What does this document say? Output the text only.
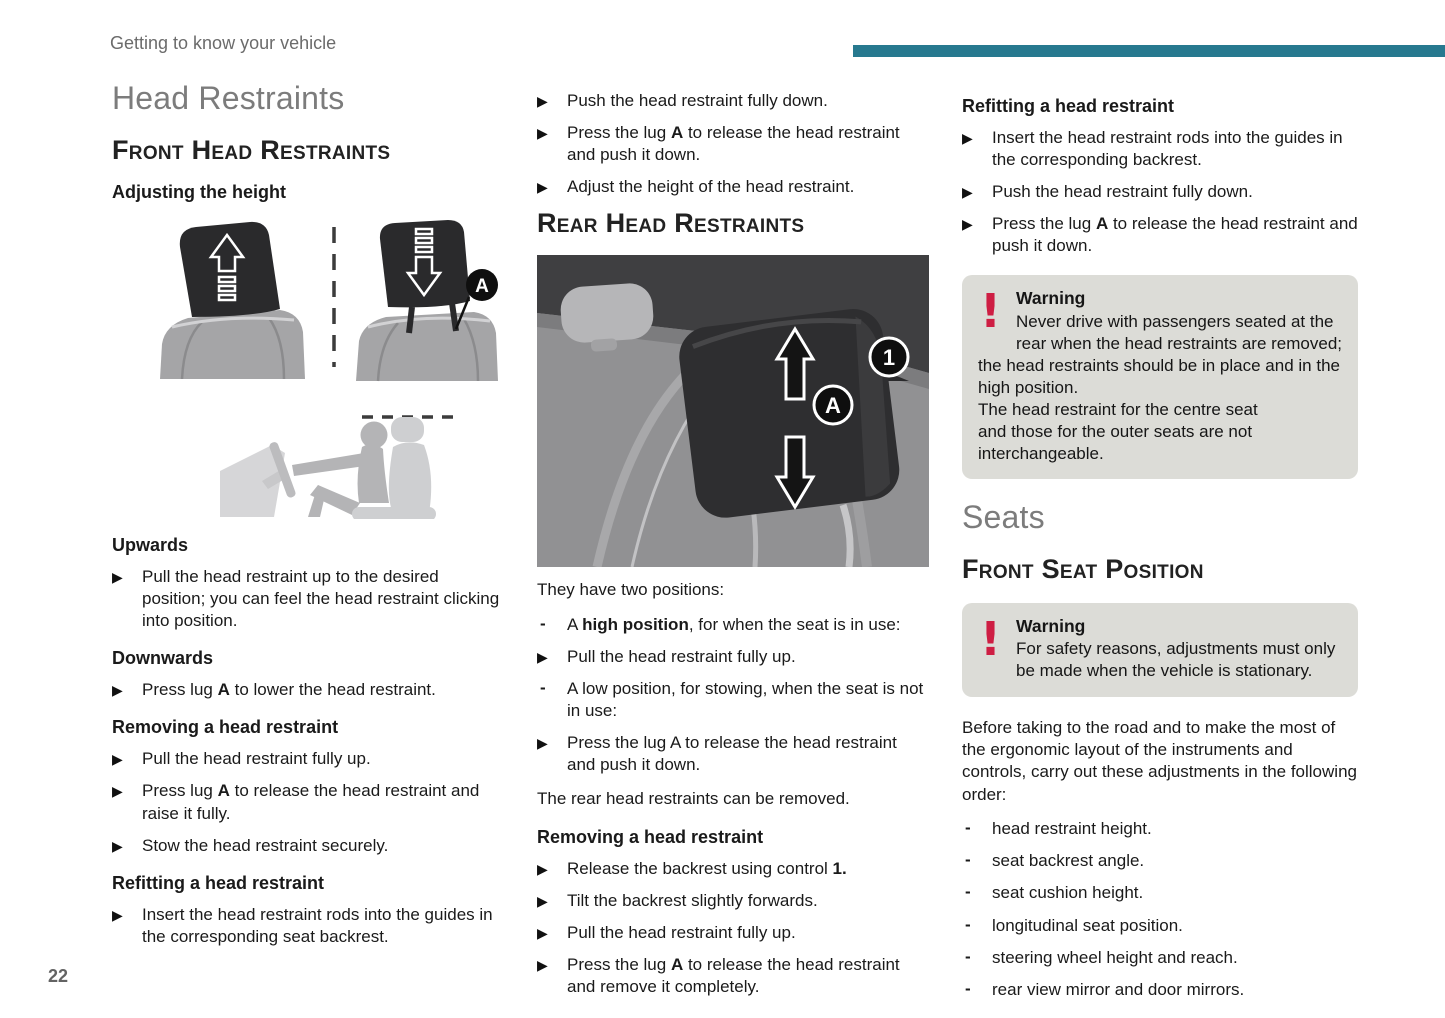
Getting to know your vehicle
Head Restraints
Front Head Restraints
Adjusting the height
A
Upwards
▶ Pull the head restraint up to the desired position; you can feel the head restraint clicking into position.
Downwards
▶ Press lug A to lower the head restraint.
Removing a head restraint
▶ Pull the head restraint fully up.
▶ Press lug A to release the head restraint and raise it fully.
▶ Stow the head restraint securely.
Refitting a head restraint
▶ Insert the head restraint rods into the guides in the corresponding seat backrest.
▶ Push the head restraint fully down.
▶ Press the lug A to release the head restraint and push it down.
▶ Adjust the height of the head restraint.
Rear Head Restraints
1
A
They have two positions:
- A high position, for when the seat is in use:
▶ Pull the head restraint fully up.
- A low position, for stowing, when the seat is not in use:
▶ Press the lug A to release the head restraint and push it down.
The rear head restraints can be removed.
Removing a head restraint
▶ Release the backrest using control 1.
▶ Tilt the backrest slightly forwards.
▶ Pull the head restraint fully up.
▶ Press the lug A to release the head restraint and remove it completely.
Refitting a head restraint
▶ Insert the head restraint rods into the guides in the corresponding backrest.
▶ Push the head restraint fully down.
▶ Press the lug A to release the head restraint and push it down.
! Warning
Never drive with passengers seated at the rear when the head restraints are removed; the head restraints should be in place and in the high position.
The head restraint for the centre seat
and those for the outer seats are not
interchangeable.
Seats
Front Seat Position
! Warning
For safety reasons, adjustments must only be made when the vehicle is stationary.
Before taking to the road and to make the most of the ergonomic layout of the instruments and controls, carry out these adjustments in the following order:
- head restraint height.
- seat backrest angle.
- seat cushion height.
- longitudinal seat position.
- steering wheel height and reach.
- rear view mirror and door mirrors.
22
